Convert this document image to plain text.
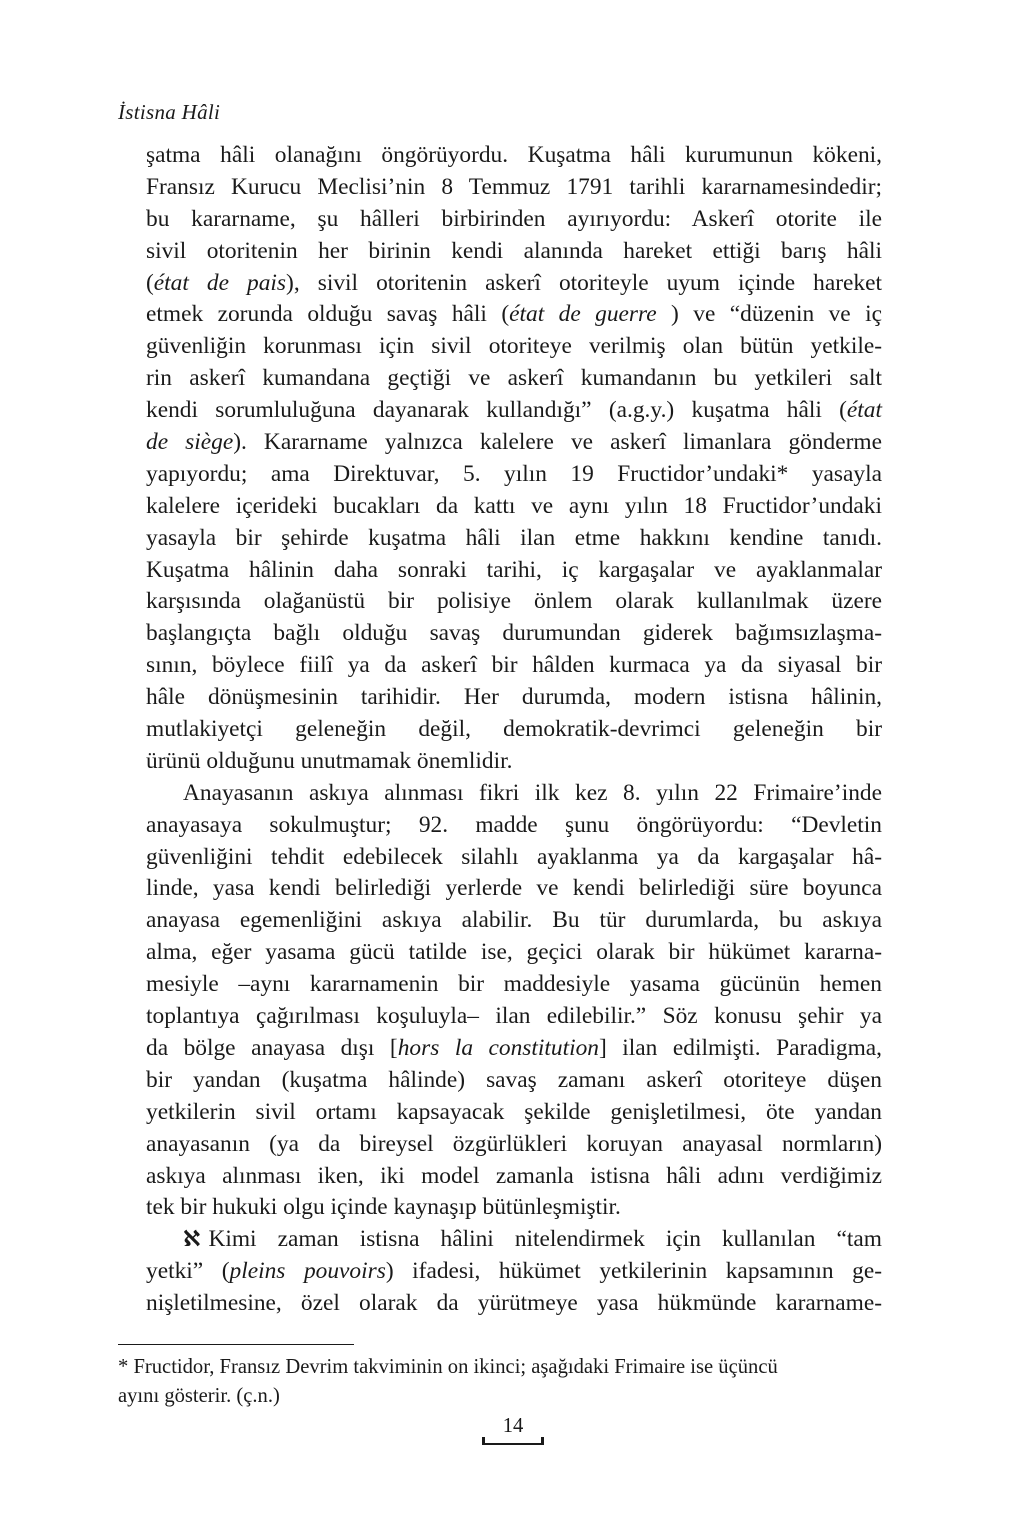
İstisna Hâli
şatma hâli olanağını öngörüyordu. Kuşatma hâli kurumunun kökeni,
Fransız Kurucu Meclisi’nin 8 Temmuz 1791 tarihli kararnamesindedir;
bu kararname, şu hâlleri birbirinden ayırıyordu: Askerî otorite ile
sivil otoritenin her birinin kendi alanında hareket ettiği barış hâli
(état de pais), sivil otoritenin askerî otoriteyle uyum içinde hareket
etmek zorunda olduğu savaş hâli (état de guerre ) ve “düzenin ve iç
güvenliğin korunması için sivil otoriteye verilmiş olan bütün yetkile-
rin askerî kumandana geçtiği ve askerî kumandanın bu yetkileri salt
kendi sorumluluğuna dayanarak kullandığı” (a.g.y.) kuşatma hâli (état
de siège). Kararname yalnızca kalelere ve askerî limanlara gönderme
yapıyordu; ama Direktuvar, 5. yılın 19 Fructidor’undaki* yasayla
kalelere içerideki bucakları da kattı ve aynı yılın 18 Fructidor’undaki
yasayla bir şehirde kuşatma hâli ilan etme hakkını kendine tanıdı.
Kuşatma hâlinin daha sonraki tarihi, iç kargaşalar ve ayaklanmalar
karşısında olağanüstü bir polisiye önlem olarak kullanılmak üzere
başlangıçta bağlı olduğu savaş durumundan giderek bağımsızlaşma-
sının, böylece fiilî ya da askerî bir hâlden kurmaca ya da siyasal bir
hâle dönüşmesinin tarihidir. Her durumda, modern istisna hâlinin,
mutlakiyetçi geleneğin değil, demokratik-devrimci geleneğin bir
ürünü olduğunu unutmamak önemlidir.
Anayasanın askıya alınması fikri ilk kez 8. yılın 22 Frimaire’inde
anayasaya sokulmuştur; 92. madde şunu öngörüyordu: “Devletin
güvenliğini tehdit edebilecek silahlı ayaklanma ya da kargaşalar hâ-
linde, yasa kendi belirlediği yerlerde ve kendi belirlediği süre boyunca
anayasa egemenliğini askıya alabilir. Bu tür durumlarda, bu askıya
alma, eğer yasama gücü tatilde ise, geçici olarak bir hükümet kararna-
mesiyle –aynı kararnamenin bir maddesiyle yasama gücünün hemen
toplantıya çağırılması koşuluyla– ilan edilebilir.” Söz konusu şehir ya
da bölge anayasa dışı [hors la constitution] ilan edilmişti. Paradigma,
bir yandan (kuşatma hâlinde) savaş zamanı askerî otoriteye düşen
yetkilerin sivil ortamı kapsayacak şekilde genişletilmesi, öte yandan
anayasanın (ya da bireysel özgürlükleri koruyan anayasal normların)
askıya alınması iken, iki model zamanla istisna hâli adını verdiğimiz
tek bir hukuki olgu içinde kaynaşıp bütünleşmiştir.
ℵ Kimi zaman istisna hâlini nitelendirmek için kullanılan “tam
yetki” (pleins pouvoirs) ifadesi, hükümet yetkilerinin kapsamının ge-
nişletilmesine, özel olarak da yürütmeye yasa hükmünde kararname-
* Fructidor, Fransız Devrim takviminin on ikinci; aşağıdaki Frimaire ise üçüncü
ayını gösterir. (ç.n.)
14
